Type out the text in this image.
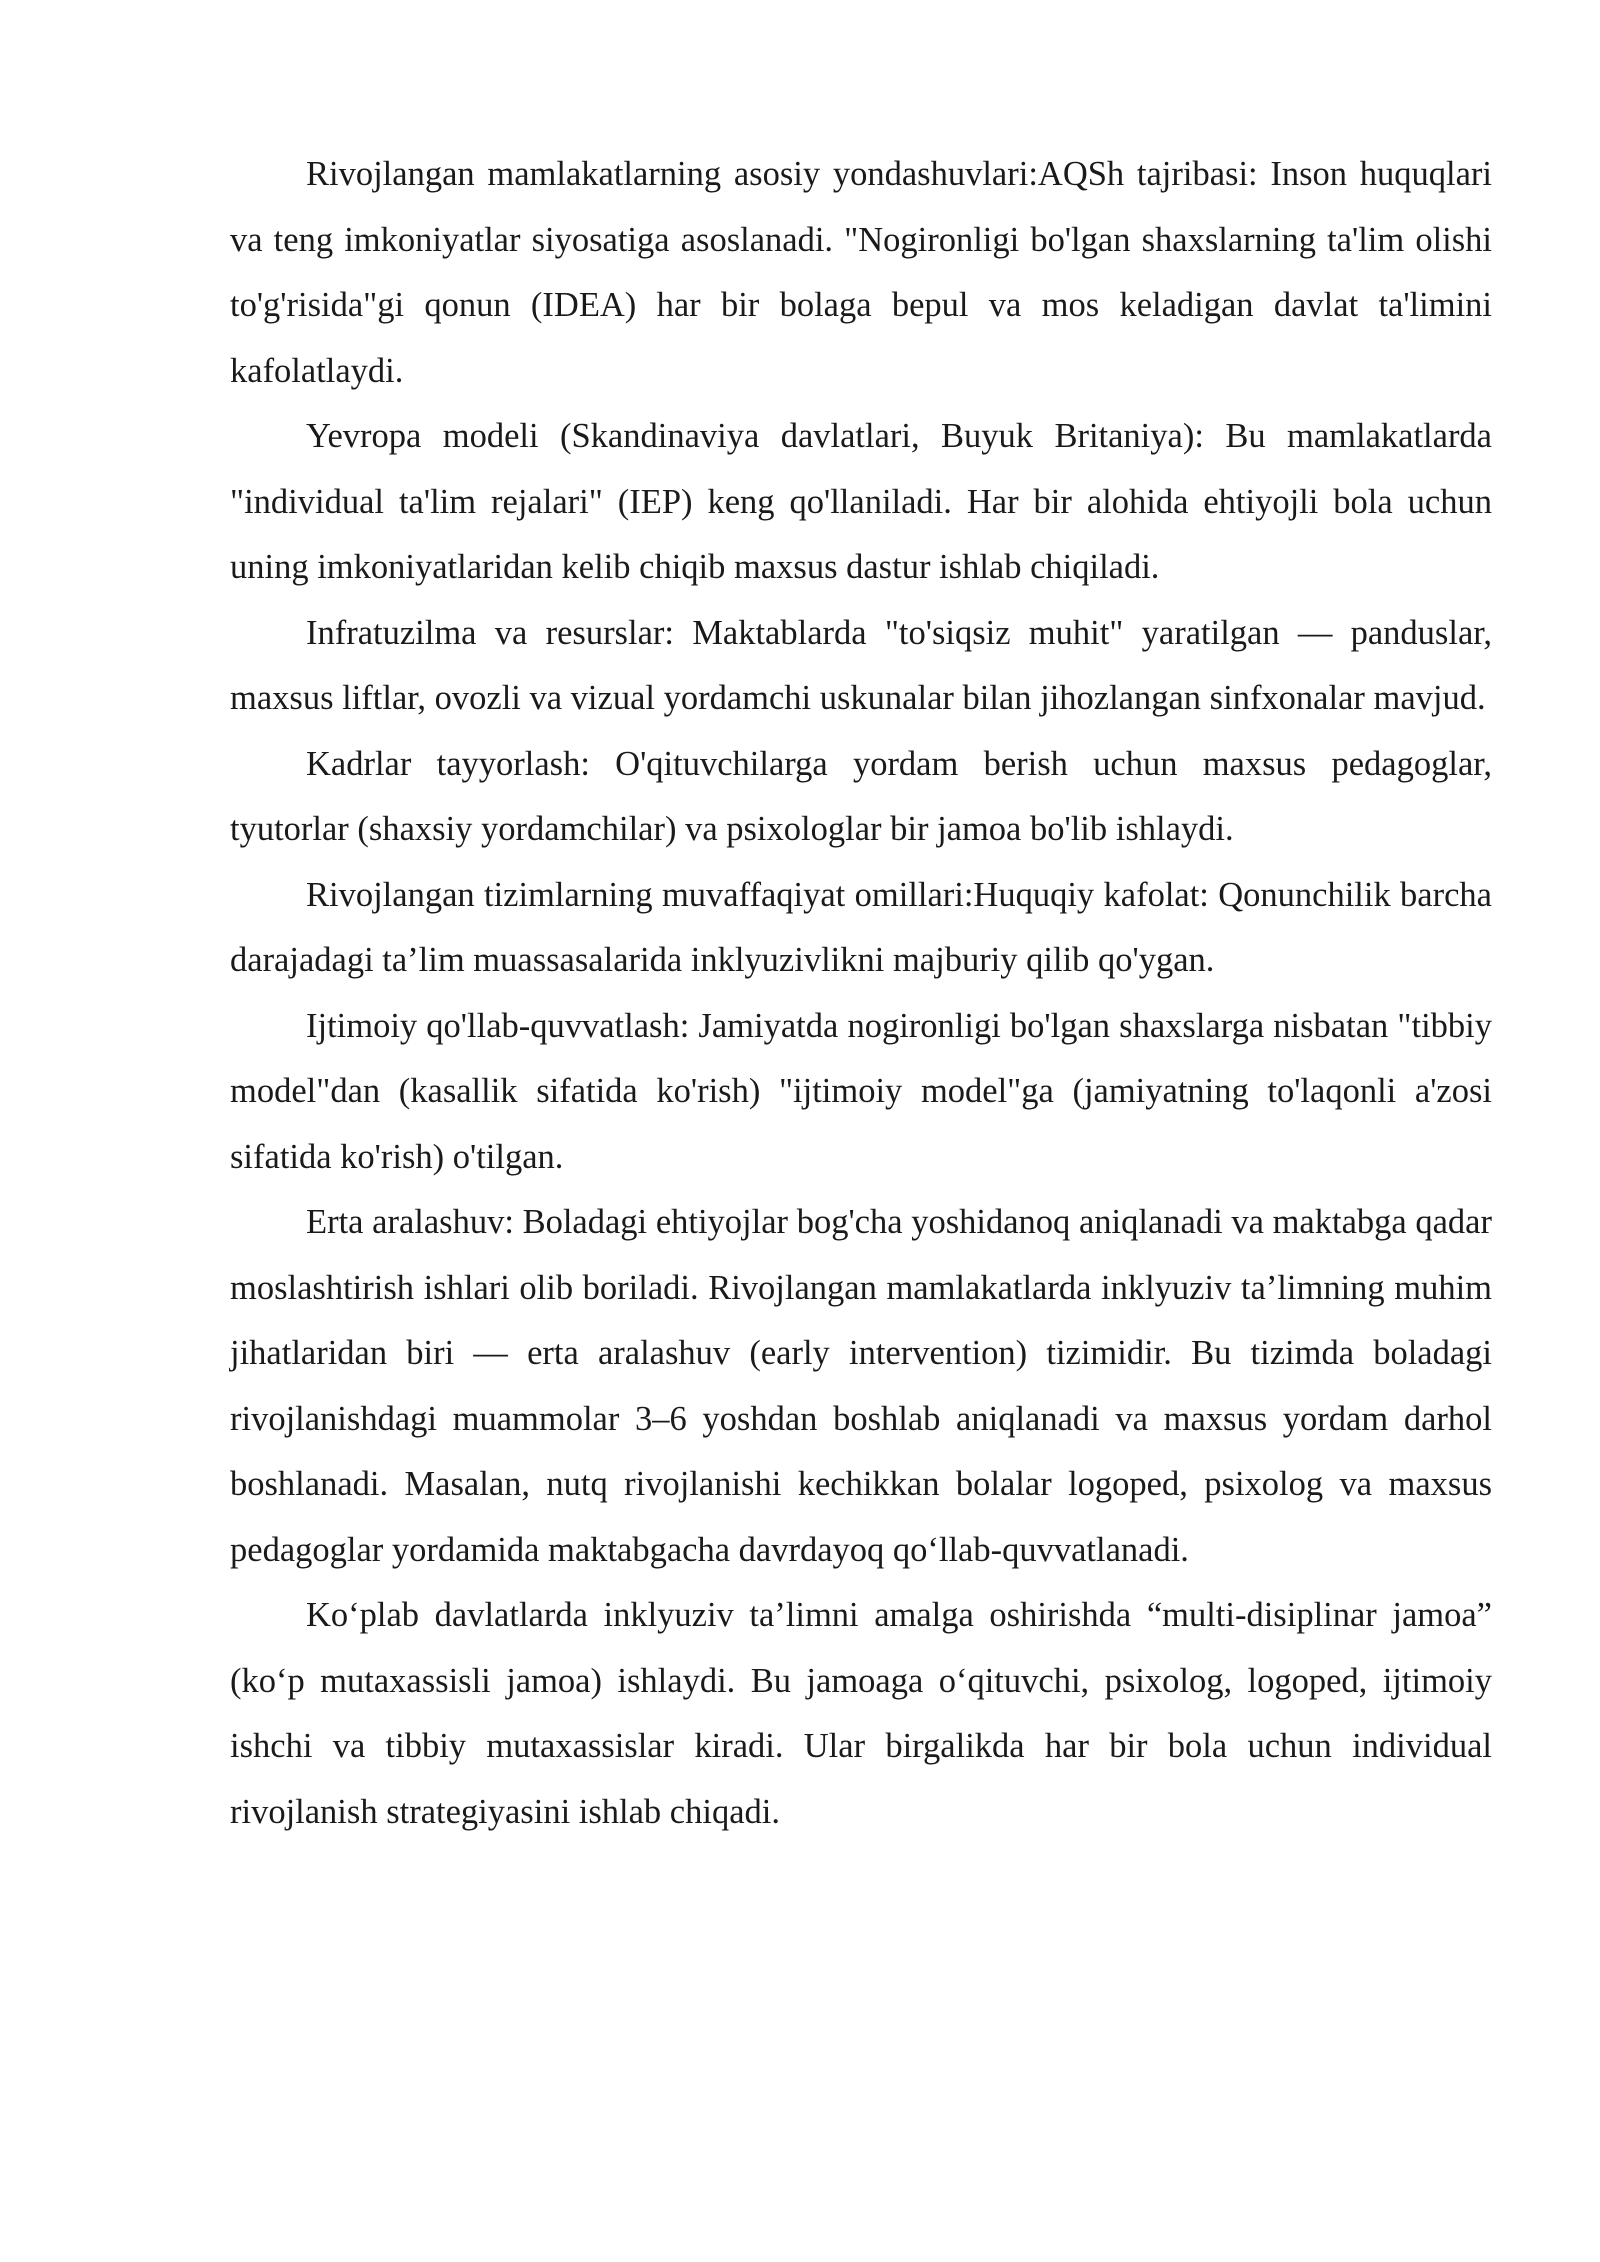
Rivojlangan mamlakatlarning asosiy yondashuvlari:AQSh tajribasi: Inson huquqlari va teng imkoniyatlar siyosatiga asoslanadi. "Nogironligi bo'lgan shaxslarning ta'lim olishi to'g'risida"gi qonun (IDEA) har bir bolaga bepul va mos keladigan davlat ta'limini kafolatlaydi.

Yevropa modeli (Skandinaviya davlatlari, Buyuk Britaniya): Bu mamlakatlarda "individual ta'lim rejalari" (IEP) keng qo'llaniladi. Har bir alohida ehtiyojli bola uchun uning imkoniyatlaridan kelib chiqib maxsus dastur ishlab chiqiladi.

Infratuzilma va resurslar: Maktablarda "to'siqsiz muhit" yaratilgan — panduslar, maxsus liftlar, ovozli va vizual yordamchi uskunalar bilan jihozlangan sinfxonalar mavjud.

Kadrlar tayyorlash: O'qituvchilarga yordam berish uchun maxsus pedagoglar, tyutorlar (shaxsiy yordamchilar) va psixologlar bir jamoa bo'lib ishlaydi.

Rivojlangan tizimlarning muvaffaqiyat omillari:Huquqiy kafolat: Qonunchilik barcha darajadagi ta’lim muassasalarida inklyuzivlikni majburiy qilib qo'ygan.

Ijtimoiy qo'llab-quvvatlash: Jamiyatda nogironligi bo'lgan shaxslarga nisbatan "tibbiy model"dan (kasallik sifatida ko'rish) "ijtimoiy model"ga (jamiyatning to'laqonli a'zosi sifatida ko'rish) o'tilgan.

Erta aralashuv: Boladagi ehtiyojlar bog'cha yoshidanoq aniqlanadi va maktabga qadar moslashtirish ishlari olib boriladi. Rivojlangan mamlakatlarda inklyuziv ta’limning muhim jihatlaridan biri — erta aralashuv (early intervention) tizimidir. Bu tizimda boladagi rivojlanishdagi muammolar 3–6 yoshdan boshlab aniqlanadi va maxsus yordam darhol boshlanadi. Masalan, nutq rivojlanishi kechikkan bolalar logoped, psixolog va maxsus pedagoglar yordamida maktabgacha davrdayoq qo‘llab-quvvatlanadi.

Ko‘plab davlatlarda inklyuziv ta’limni amalga oshirishda “multi-disiplinar jamoa” (ko‘p mutaxassisli jamoa) ishlaydi. Bu jamoaga o‘qituvchi, psixolog, logoped, ijtimoiy ishchi va tibbiy mutaxassislar kiradi. Ular birgalikda har bir bola uchun individual rivojlanish strategiyasini ishlab chiqadi.
